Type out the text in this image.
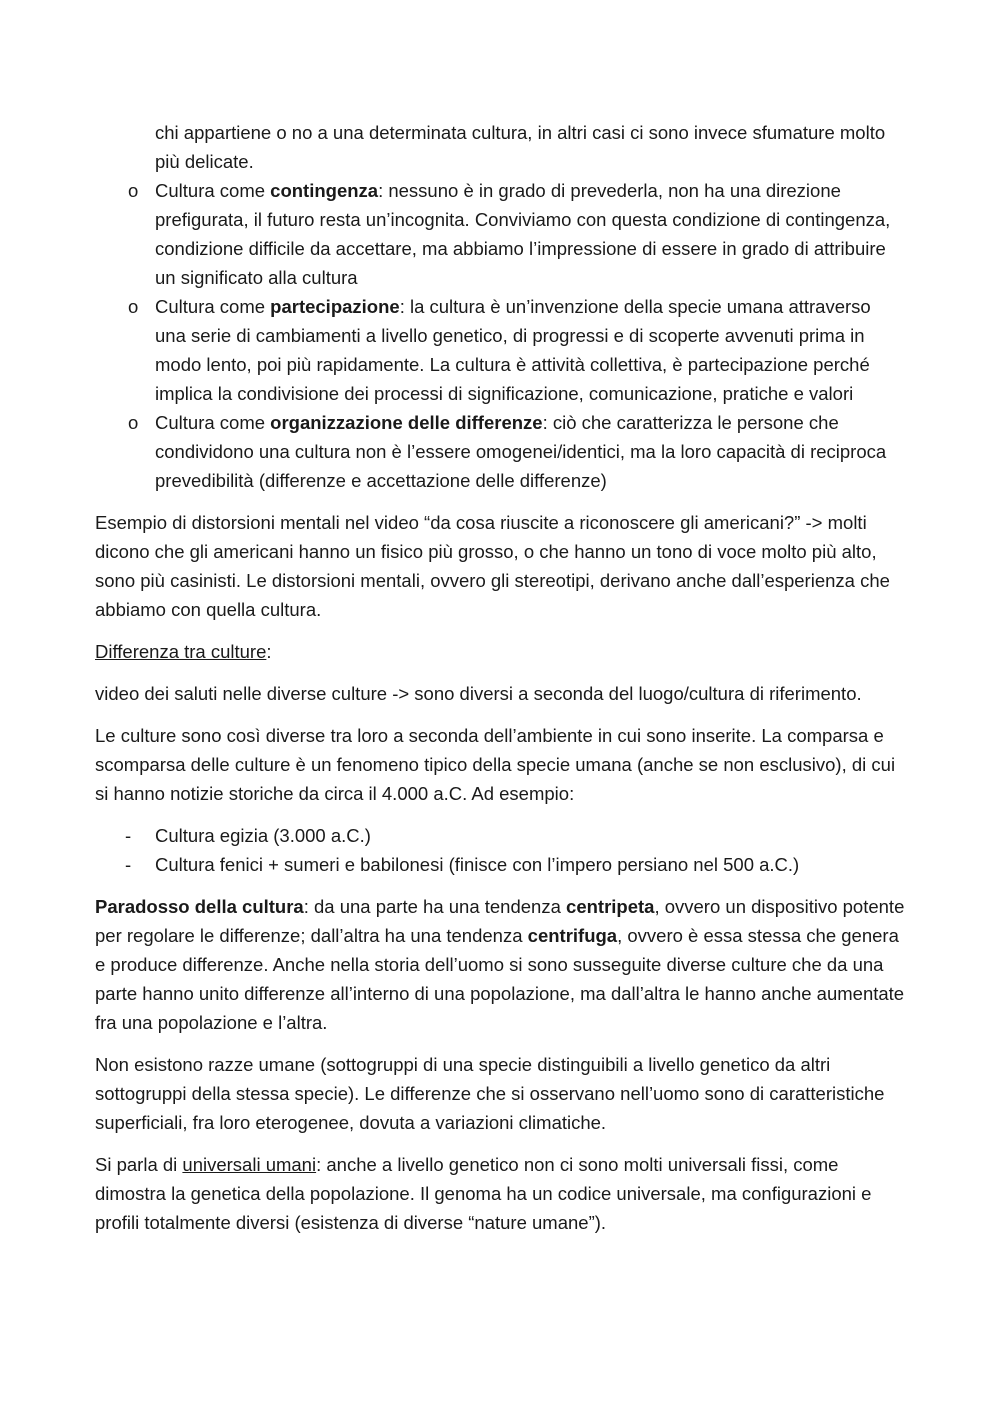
chi appartiene o no a una determinata cultura, in altri casi ci sono invece sfumature molto più delicate.
o Cultura come contingenza: nessuno è in grado di prevederla, non ha una direzione prefigurata, il futuro resta un’incognita. Conviviamo con questa condizione di contingenza, condizione difficile da accettare, ma abbiamo l’impressione di essere in grado di attribuire un significato alla cultura
o Cultura come partecipazione: la cultura è un’invenzione della specie umana attraverso una serie di cambiamenti a livello genetico, di progressi e di scoperte avvenuti prima in modo lento, poi più rapidamente. La cultura è attività collettiva, è partecipazione perché implica la condivisione dei processi di significazione, comunicazione, pratiche e valori
o Cultura come organizzazione delle differenze: ciò che caratterizza le persone che condividono una cultura non è l’essere omogenei/identici, ma la loro capacità di reciproca prevedibilità (differenze e accettazione delle differenze)

Esempio di distorsioni mentali nel video “da cosa riuscite a riconoscere gli americani?” -> molti dicono che gli americani hanno un fisico più grosso, o che hanno un tono di voce molto più alto, sono più casinisti. Le distorsioni mentali, ovvero gli stereotipi, derivano anche dall’esperienza che abbiamo con quella cultura.

Differenza tra culture:

video dei saluti nelle diverse culture -> sono diversi a seconda del luogo/cultura di riferimento.

Le culture sono così diverse tra loro a seconda dell’ambiente in cui sono inserite. La comparsa e scomparsa delle culture è un fenomeno tipico della specie umana (anche se non esclusivo), di cui si hanno notizie storiche da circa il 4.000 a.C. Ad esempio:

- Cultura egizia (3.000 a.C.)
- Cultura fenici + sumeri e babilonesi (finisce con l’impero persiano nel 500 a.C.)

Paradosso della cultura: da una parte ha una tendenza centripeta, ovvero un dispositivo potente per regolare le differenze; dall’altra ha una tendenza centrifuga, ovvero è essa stessa che genera e produce differenze. Anche nella storia dell’uomo si sono susseguite diverse culture che da una parte hanno unito differenze all’interno di una popolazione, ma dall’altra le hanno anche aumentate fra una popolazione e l’altra.

Non esistono razze umane (sottogruppi di una specie distinguibili a livello genetico da altri sottogruppi della stessa specie). Le differenze che si osservano nell’uomo sono di caratteristiche superficiali, fra loro eterogenee, dovuta a variazioni climatiche.

Si parla di universali umani: anche a livello genetico non ci sono molti universali fissi, come dimostra la genetica della popolazione. Il genoma ha un codice universale, ma configurazioni e profili totalmente diversi (esistenza di diverse “nature umane”).
